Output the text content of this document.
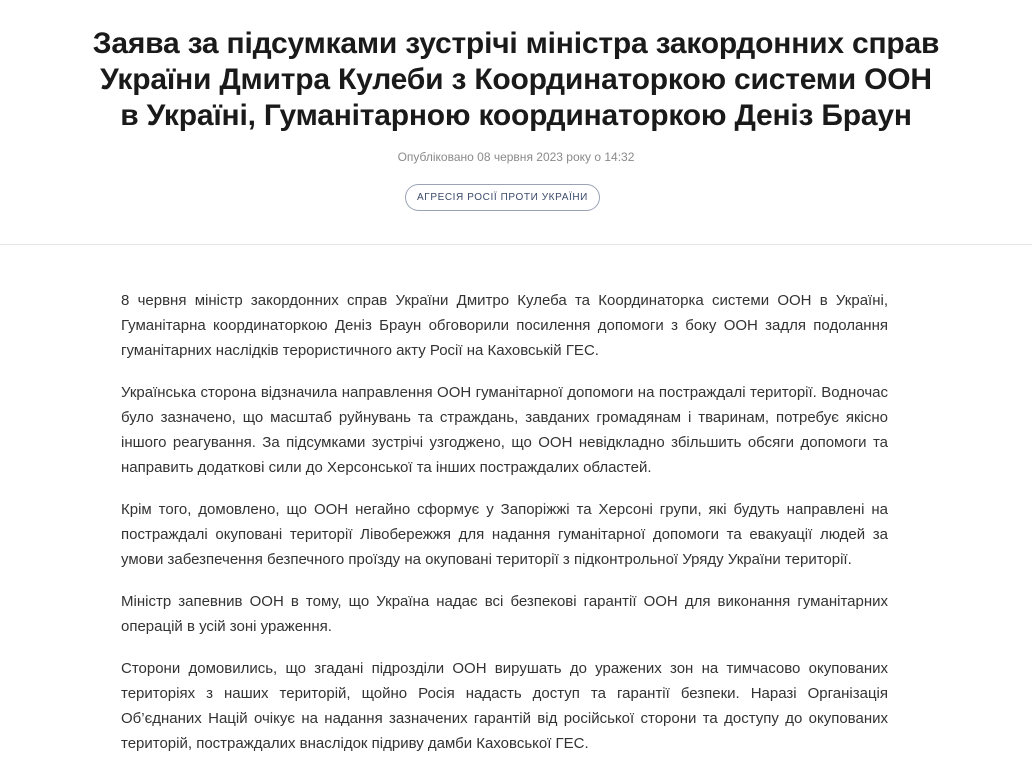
Заява за підсумками зустрічі міністра закордонних справ
України Дмитра Кулеби з Координаторкою системи ООН
в Україні, Гуманітарною координаторкою Деніз Браун
Опубліковано 08 червня 2023 року о 14:32
АГРЕСІЯ РОСІЇ ПРОТИ УКРАЇНИ

8 червня міністр закордонних справ України Дмитро Кулеба та Координаторка системи ООН в Україні, Гуманітарна координаторкою Деніз Браун обговорили посилення допомоги з боку ООН задля подолання гуманітарних наслідків терористичного акту Росії на Каховській ГЕС.

Українська сторона відзначила направлення ООН гуманітарної допомоги на постраждалі території. Водночас було зазначено, що масштаб руйнувань та страждань, завданих громадянам і тваринам, потребує якісно іншого реагування. За підсумками зустрічі узгоджено, що ООН невідкладно збільшить обсяги допомоги та направить додаткові сили до Херсонської та інших постраждалих областей.

Крім того, домовлено, що ООН негайно сформує у Запоріжжі та Херсоні групи, які будуть направлені на постраждалі окуповані території Лівобережжя для надання гуманітарної допомоги та евакуації людей за умови забезпечення безпечного проїзду на окуповані території з підконтрольної Уряду України території.

Міністр запевнив ООН в тому, що Україна надає всі безпекові гарантії ООН для виконання гуманітарних операцій в усій зоні ураження.

Сторони домовились, що згадані підрозділи ООН вирушать до уражених зон на тимчасово окупованих територіях з наших територій, щойно Росія надасть доступ та гарантії безпеки. Наразі Організація Об’єднаних Націй очікує на надання зазначених гарантій від російської сторони та доступу до окупованих територій, постраждалих внаслідок підриву дамби Каховської ГЕС.
